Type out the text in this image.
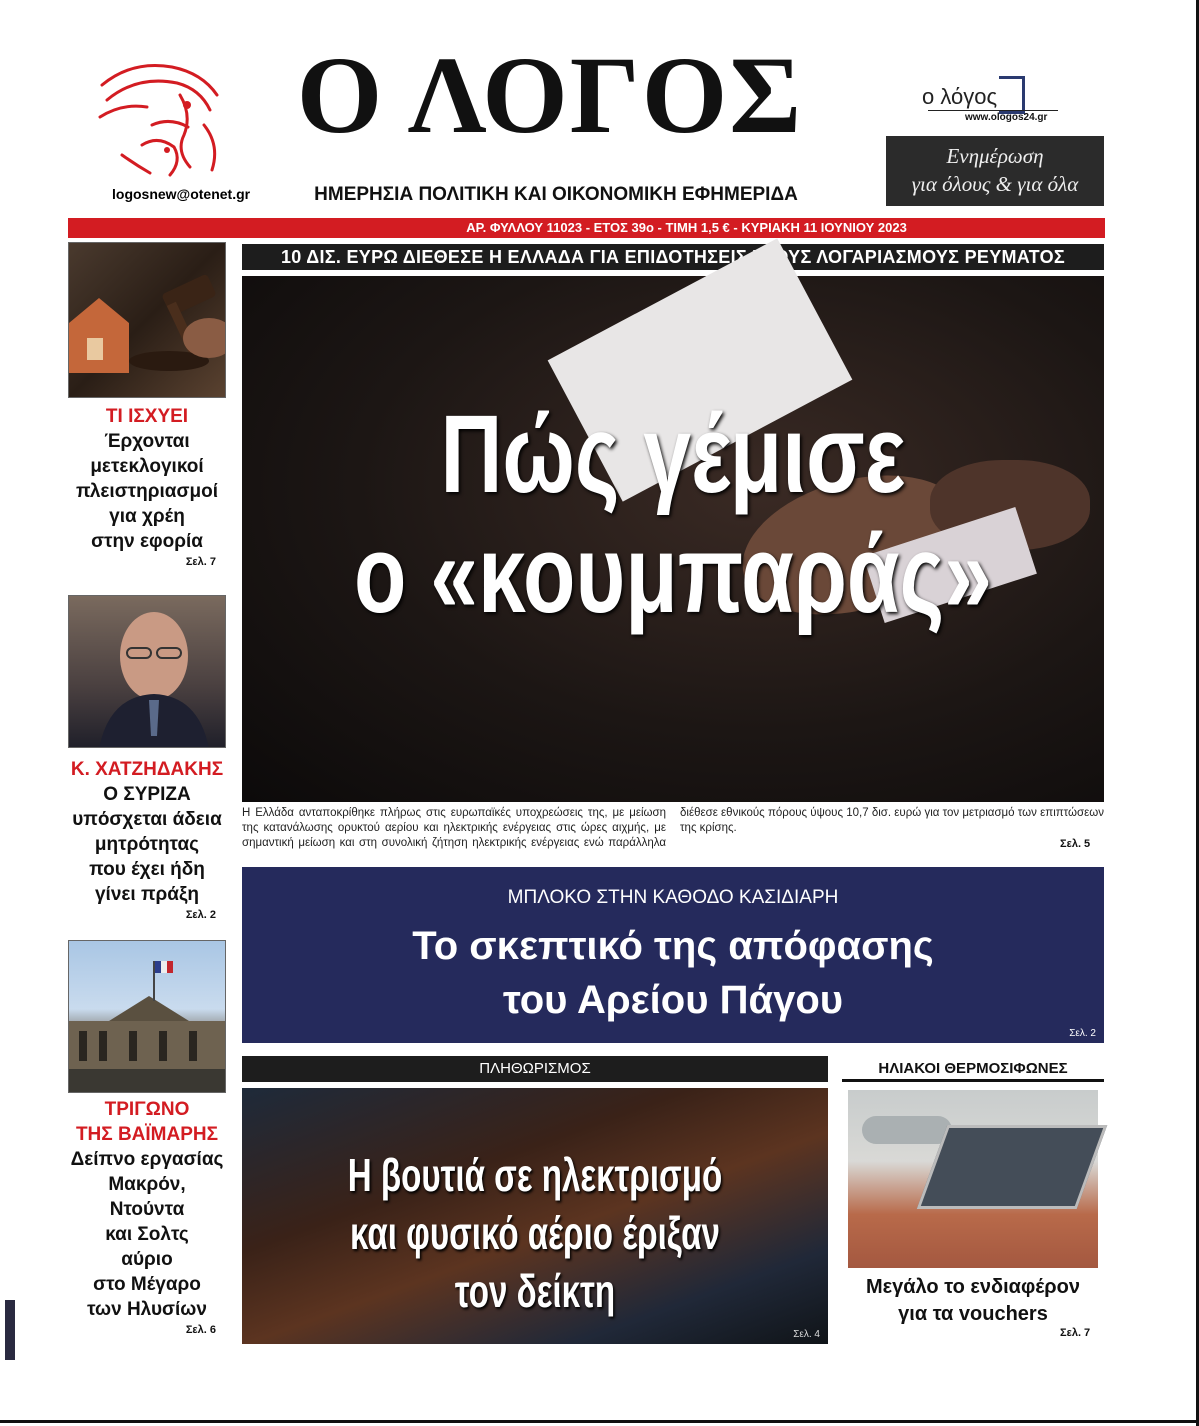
logosnew@otenet.gr
Ο ΛΟΓΟΣ
ΗΜΕΡΗΣΙΑ ΠΟΛΙΤΙΚΗ ΚΑΙ ΟΙΚΟΝΟΜΙΚΗ ΕΦΗΜΕΡΙΔΑ
ο λόγος
www.ologos24.gr
Ενημέρωση
για όλους & για όλα
ΑΡ. ΦΥΛΛΟΥ 11023 - ΕΤΟΣ 39ο - ΤΙΜΗ 1,5 € - ΚΥΡΙΑΚΗ 11 ΙΟΥΝΙΟΥ 2023
ΤΙ ΙΣΧΥΕΙ
Έρχονται
μετεκλογικοί
πλειστηριασμοί
για χρέη
στην εφορία
Σελ. 7
Κ. ΧΑΤΖΗΔΑΚΗΣ
Ο ΣΥΡΙΖΑ
υπόσχεται άδεια
μητρότητας
που έχει ήδη
γίνει πράξη
Σελ. 2
ΤΡΙΓΩΝΟ
ΤΗΣ ΒΑΪΜΑΡΗΣ
Δείπνο εργασίας
Μακρόν,
Ντούντα
και Σολτς
αύριο
στο Μέγαρο
των Ηλυσίων
Σελ. 6
10 ΔΙΣ. ΕΥΡΩ ΔΙΕΘΕΣΕ Η ΕΛΛΑΔΑ ΓΙΑ ΕΠΙΔΟΤΗΣΕΙΣ ΣΤΟΥΣ ΛΟΓΑΡΙΑΣΜΟΥΣ ΡΕΥΜΑΤΟΣ
Πώς γέμισε
ο «κουμπαράς»
Η Ελλάδα ανταποκρίθηκε πλήρως στις ευρωπαϊκές υποχρεώσεις της, με μείωση της κατανάλωσης ορυκτού αερίου και ηλεκτρικής ενέργειας στις ώρες αιχμής, με σημαντική μείωση και στη συνολική ζήτηση ηλεκτρικής ενέργειας ενώ παράλληλα διέθεσε εθνικούς πόρους ύψους 10,7 δισ. ευρώ για τον μετριασμό των επιπτώσεων της κρίσης.
Σελ. 5
ΜΠΛΟΚΟ ΣΤΗΝ ΚΑΘΟΔΟ ΚΑΣΙΔΙΑΡΗ
Το σκεπτικό της απόφασης
του Αρείου Πάγου
Σελ. 2
ΠΛΗΘΩΡΙΣΜΟΣ
Η βουτιά σε ηλεκτρισμό
και φυσικό αέριο έριξαν τον δείκτη
Σελ. 4
ΗΛΙΑΚΟΙ ΘΕΡΜΟΣΙΦΩΝΕΣ
Μεγάλο το ενδιαφέρον
για τα vouchers
Σελ. 7
